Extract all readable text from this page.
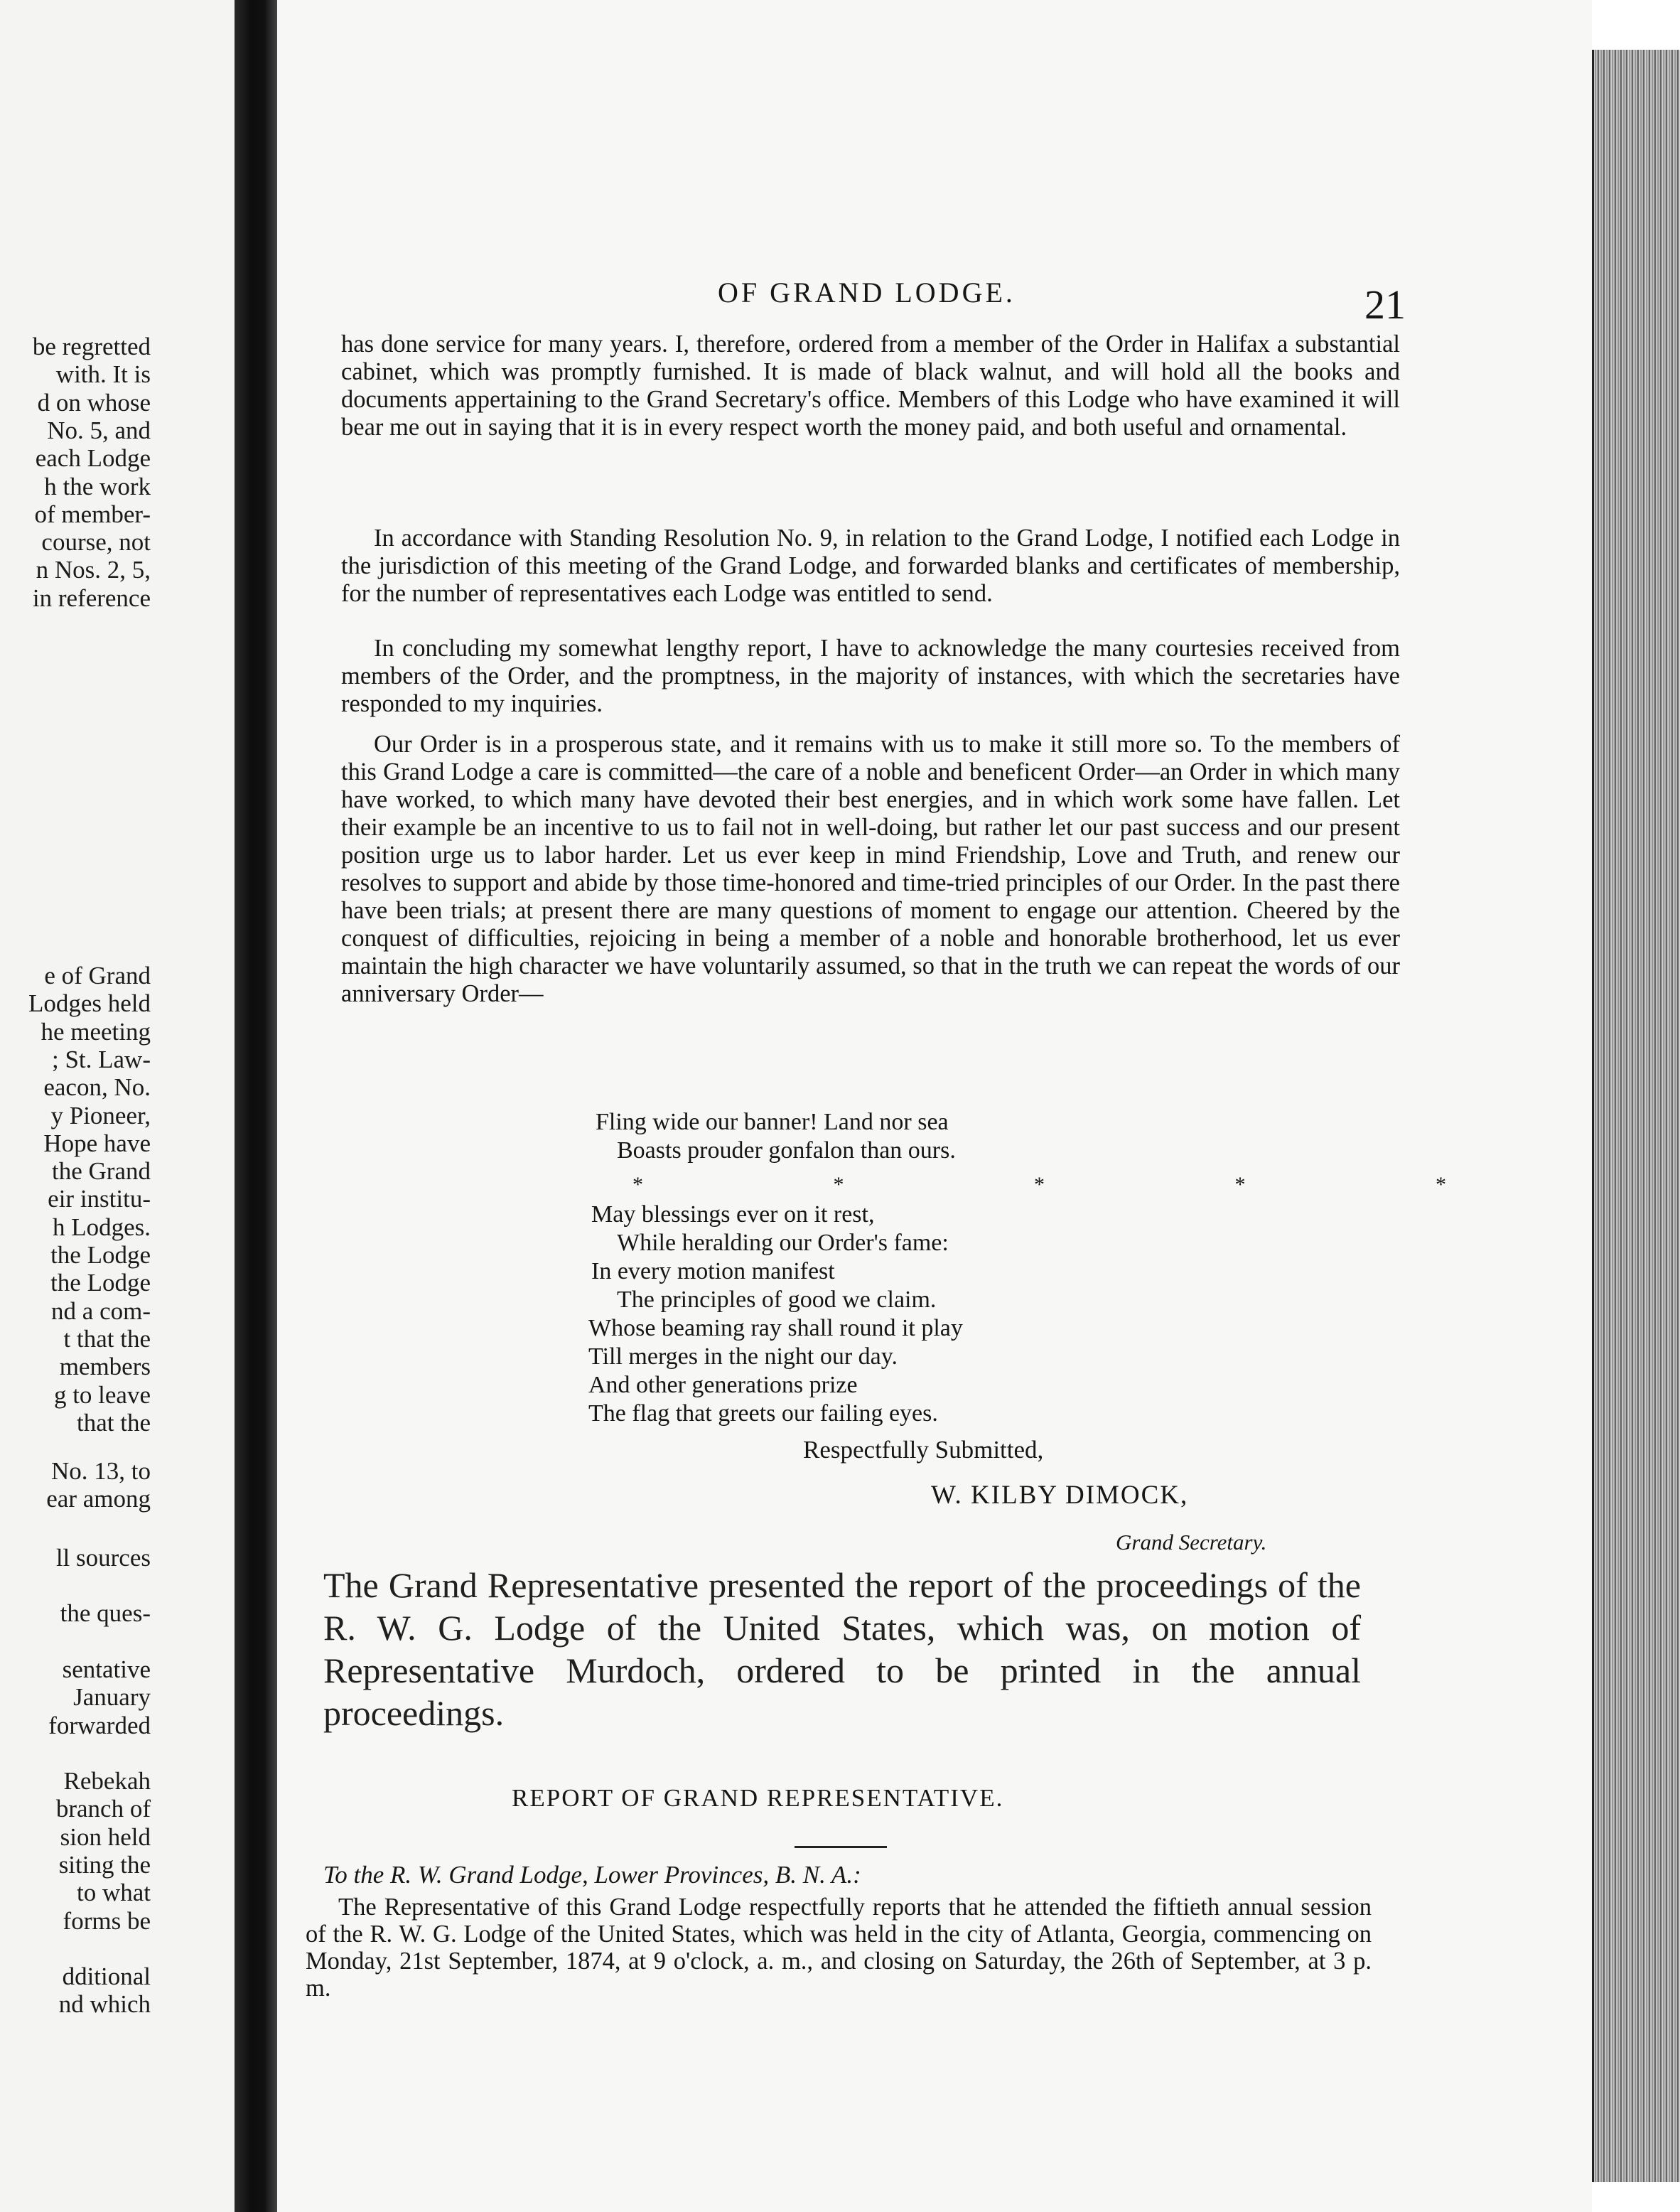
be regretted
with. It is
d on whose
No. 5, and
each Lodge
h the work
of member-
course, not
n Nos. 2, 5,
in reference
e of Grand
Lodges held
he meeting
; St. Law-
eacon, No.
y Pioneer,
Hope have
the Grand
eir institu-
h Lodges.
the Lodge
the Lodge
nd a com-
t that the
members
g to leave
that the
No. 13, to
ear among
ll sources
the ques-
sentative
January
forwarded
Rebekah
branch of
sion held
siting the
to what
forms be
dditional
nd which
OF GRAND LODGE.	21
has done service for many years. I, therefore, ordered from a member of the Order in Halifax a substantial cabinet, which was promptly furnished. It is made of black walnut, and will hold all the books and documents appertaining to the Grand Secretary's office. Members of this Lodge who have examined it will bear me out in saying that it is in every respect worth the money paid, and both useful and ornamental.
In accordance with Standing Resolution No. 9, in relation to the Grand Lodge, I notified each Lodge in the jurisdiction of this meeting of the Grand Lodge, and forwarded blanks and certificates of membership, for the number of representatives each Lodge was entitled to send.
In concluding my somewhat lengthy report, I have to acknowledge the many courtesies received from members of the Order, and the promptness, in the majority of instances, with which the secretaries have responded to my inquiries.
Our Order is in a prosperous state, and it remains with us to make it still more so. To the members of this Grand Lodge a care is committed—the care of a noble and beneficent Order—an Order in which many have worked, to which many have devoted their best energies, and in which work some have fallen. Let their example be an incentive to us to fail not in well-doing, but rather let our past success and our present position urge us to labor harder. Let us ever keep in mind Friendship, Love and Truth, and renew our resolves to support and abide by those time-honored and time-tried principles of our Order. In the past there have been trials; at present there are many questions of moment to engage our attention. Cheered by the conquest of difficulties, rejoicing in being a member of a noble and honorable brotherhood, let us ever maintain the high character we have voluntarily assumed, so that in the truth we can repeat the words of our anniversary Order—
Fling wide our banner! Land nor sea
Boasts prouder gonfalon than ours.
May blessings ever on it rest,
While heralding our Order's fame:
In every motion manifest
The principles of good we claim.
Whose beaming ray shall round it play
Till merges in the night our day.
And other generations prize
The flag that greets our failing eyes.
* * * * *
Respectfully Submitted,
W. KILBY DIMOCK,
Grand Secretary.
The Grand Representative presented the report of the proceedings of the R. W. G. Lodge of the United States, which was, on motion of Representative Murdoch, ordered to be printed in the annual proceedings.
REPORT OF GRAND REPRESENTATIVE.
To the R. W. Grand Lodge, Lower Provinces, B. N. A.:
The Representative of this Grand Lodge respectfully reports that he attended the fiftieth annual session of the R. W. G. Lodge of the United States, which was held in the city of Atlanta, Georgia, commencing on Monday, 21st September, 1874, at 9 o'clock, a. m., and closing on Saturday, the 26th of September, at 3 p. m.
